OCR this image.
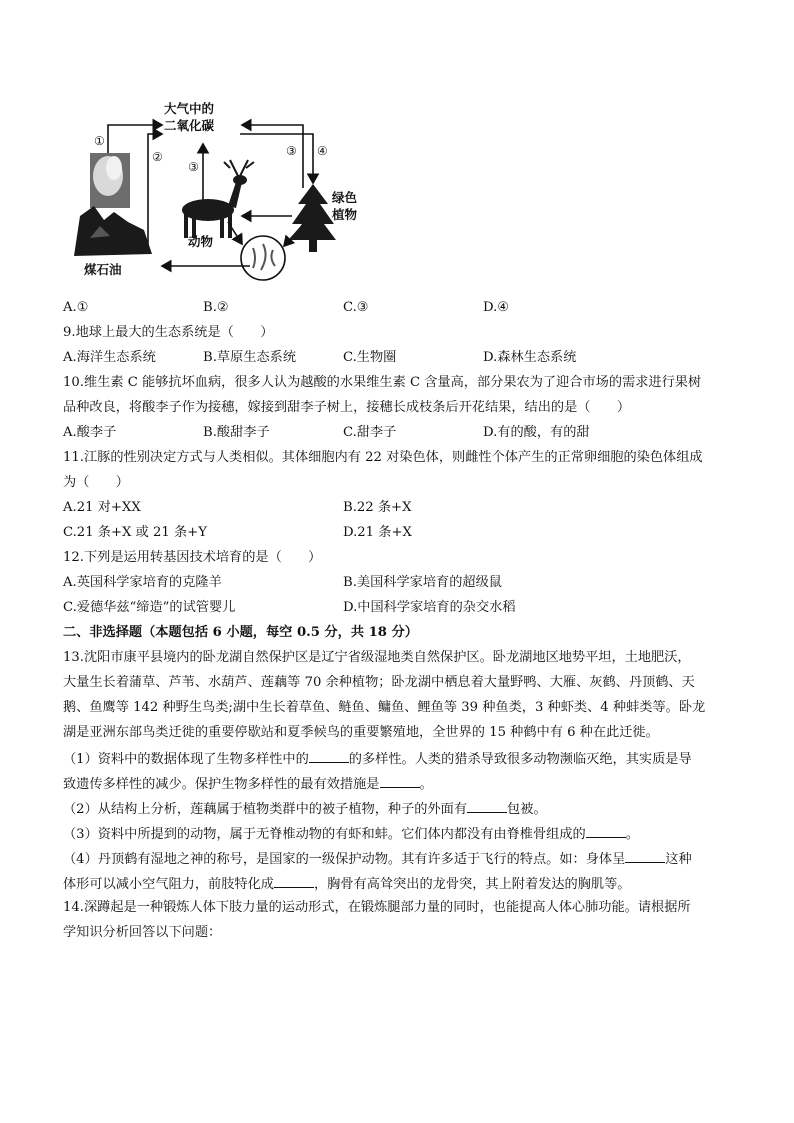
大气中的
二氧化碳
绿色
植物
动物
煤石油
①
②
③
③ ④
A.①	B.②	C.③	D.④
9.地球上最大的生态系统是（　　）
A.海洋生态系统	B.草原生态系统	C.生物圈	D.森林生态系统
10.维生素 C 能够抗坏血病，很多人认为越酸的水果维生素 C 含量高，部分果农为了迎合市场的需求进行果树
品种改良，将酸李子作为接穗，嫁接到甜李子树上，接穗长成枝条后开花结果，结出的是（　　）
A.酸李子	B.酸甜李子	C.甜李子	D.有的酸，有的甜
11.江豚的性别决定方式与人类相似。其体细胞内有 22 对染色体，则雌性个体产生的正常卵细胞的染色体组成
为（　　）
A.21 对+XX	B.22 条+X
C.21 条+X 或 21 条+Y	D.21 条+X
12.下列是运用转基因技术培育的是（　　）
A.英国科学家培育的克隆羊	B.美国科学家培育的超级鼠
C.爱德华兹“缔造”的试管婴儿	D.中国科学家培育的杂交水稻
二、非选择题（本题包括 6 小题，每空 0.5 分，共 18 分）
13.沈阳市康平县境内的卧龙湖自然保护区是辽宁省级湿地类自然保护区。卧龙湖地区地势平坦，土地肥沃，
大量生长着蒲草、芦苇、水葫芦、莲藕等 70 余种植物；卧龙湖中栖息着大量野鸭、大雁、灰鹤、丹顶鹤、天
鹅、鱼鹰等 142 种野生鸟类;湖中生长着草鱼、鲢鱼、鳙鱼、鲤鱼等 39 种鱼类，3 种虾类、4 种蚌类等。卧龙
湖是亚洲东部鸟类迁徙的重要停歇站和夏季候鸟的重要繁殖地，全世界的 15 种鹤中有 6 种在此迁徙。
（1）资料中的数据体现了生物多样性中的	的多样性。人类的猎杀导致很多动物濒临灭绝，其实质是导
致遗传多样性的减少。保护生物多样性的最有效措施是	。
（2）从结构上分析，莲藕属于植物类群中的被子植物，种子的外面有	包被。
（3）资料中所提到的动物，属于无脊椎动物的有虾和蚌。它们体内都没有由脊椎骨组成的	。
（4）丹顶鹤有湿地之神的称号，是国家的一级保护动物。其有许多适于飞行的特点。如：身体呈	这种
体形可以减小空气阻力，前肢特化成	，胸骨有高耸突出的龙骨突，其上附着发达的胸肌等。
14.深蹲起是一种锻炼人体下肢力量的运动形式，在锻炼腿部力量的同时，也能提高人体心肺功能。请根据所
学知识分析回答以下问题：
